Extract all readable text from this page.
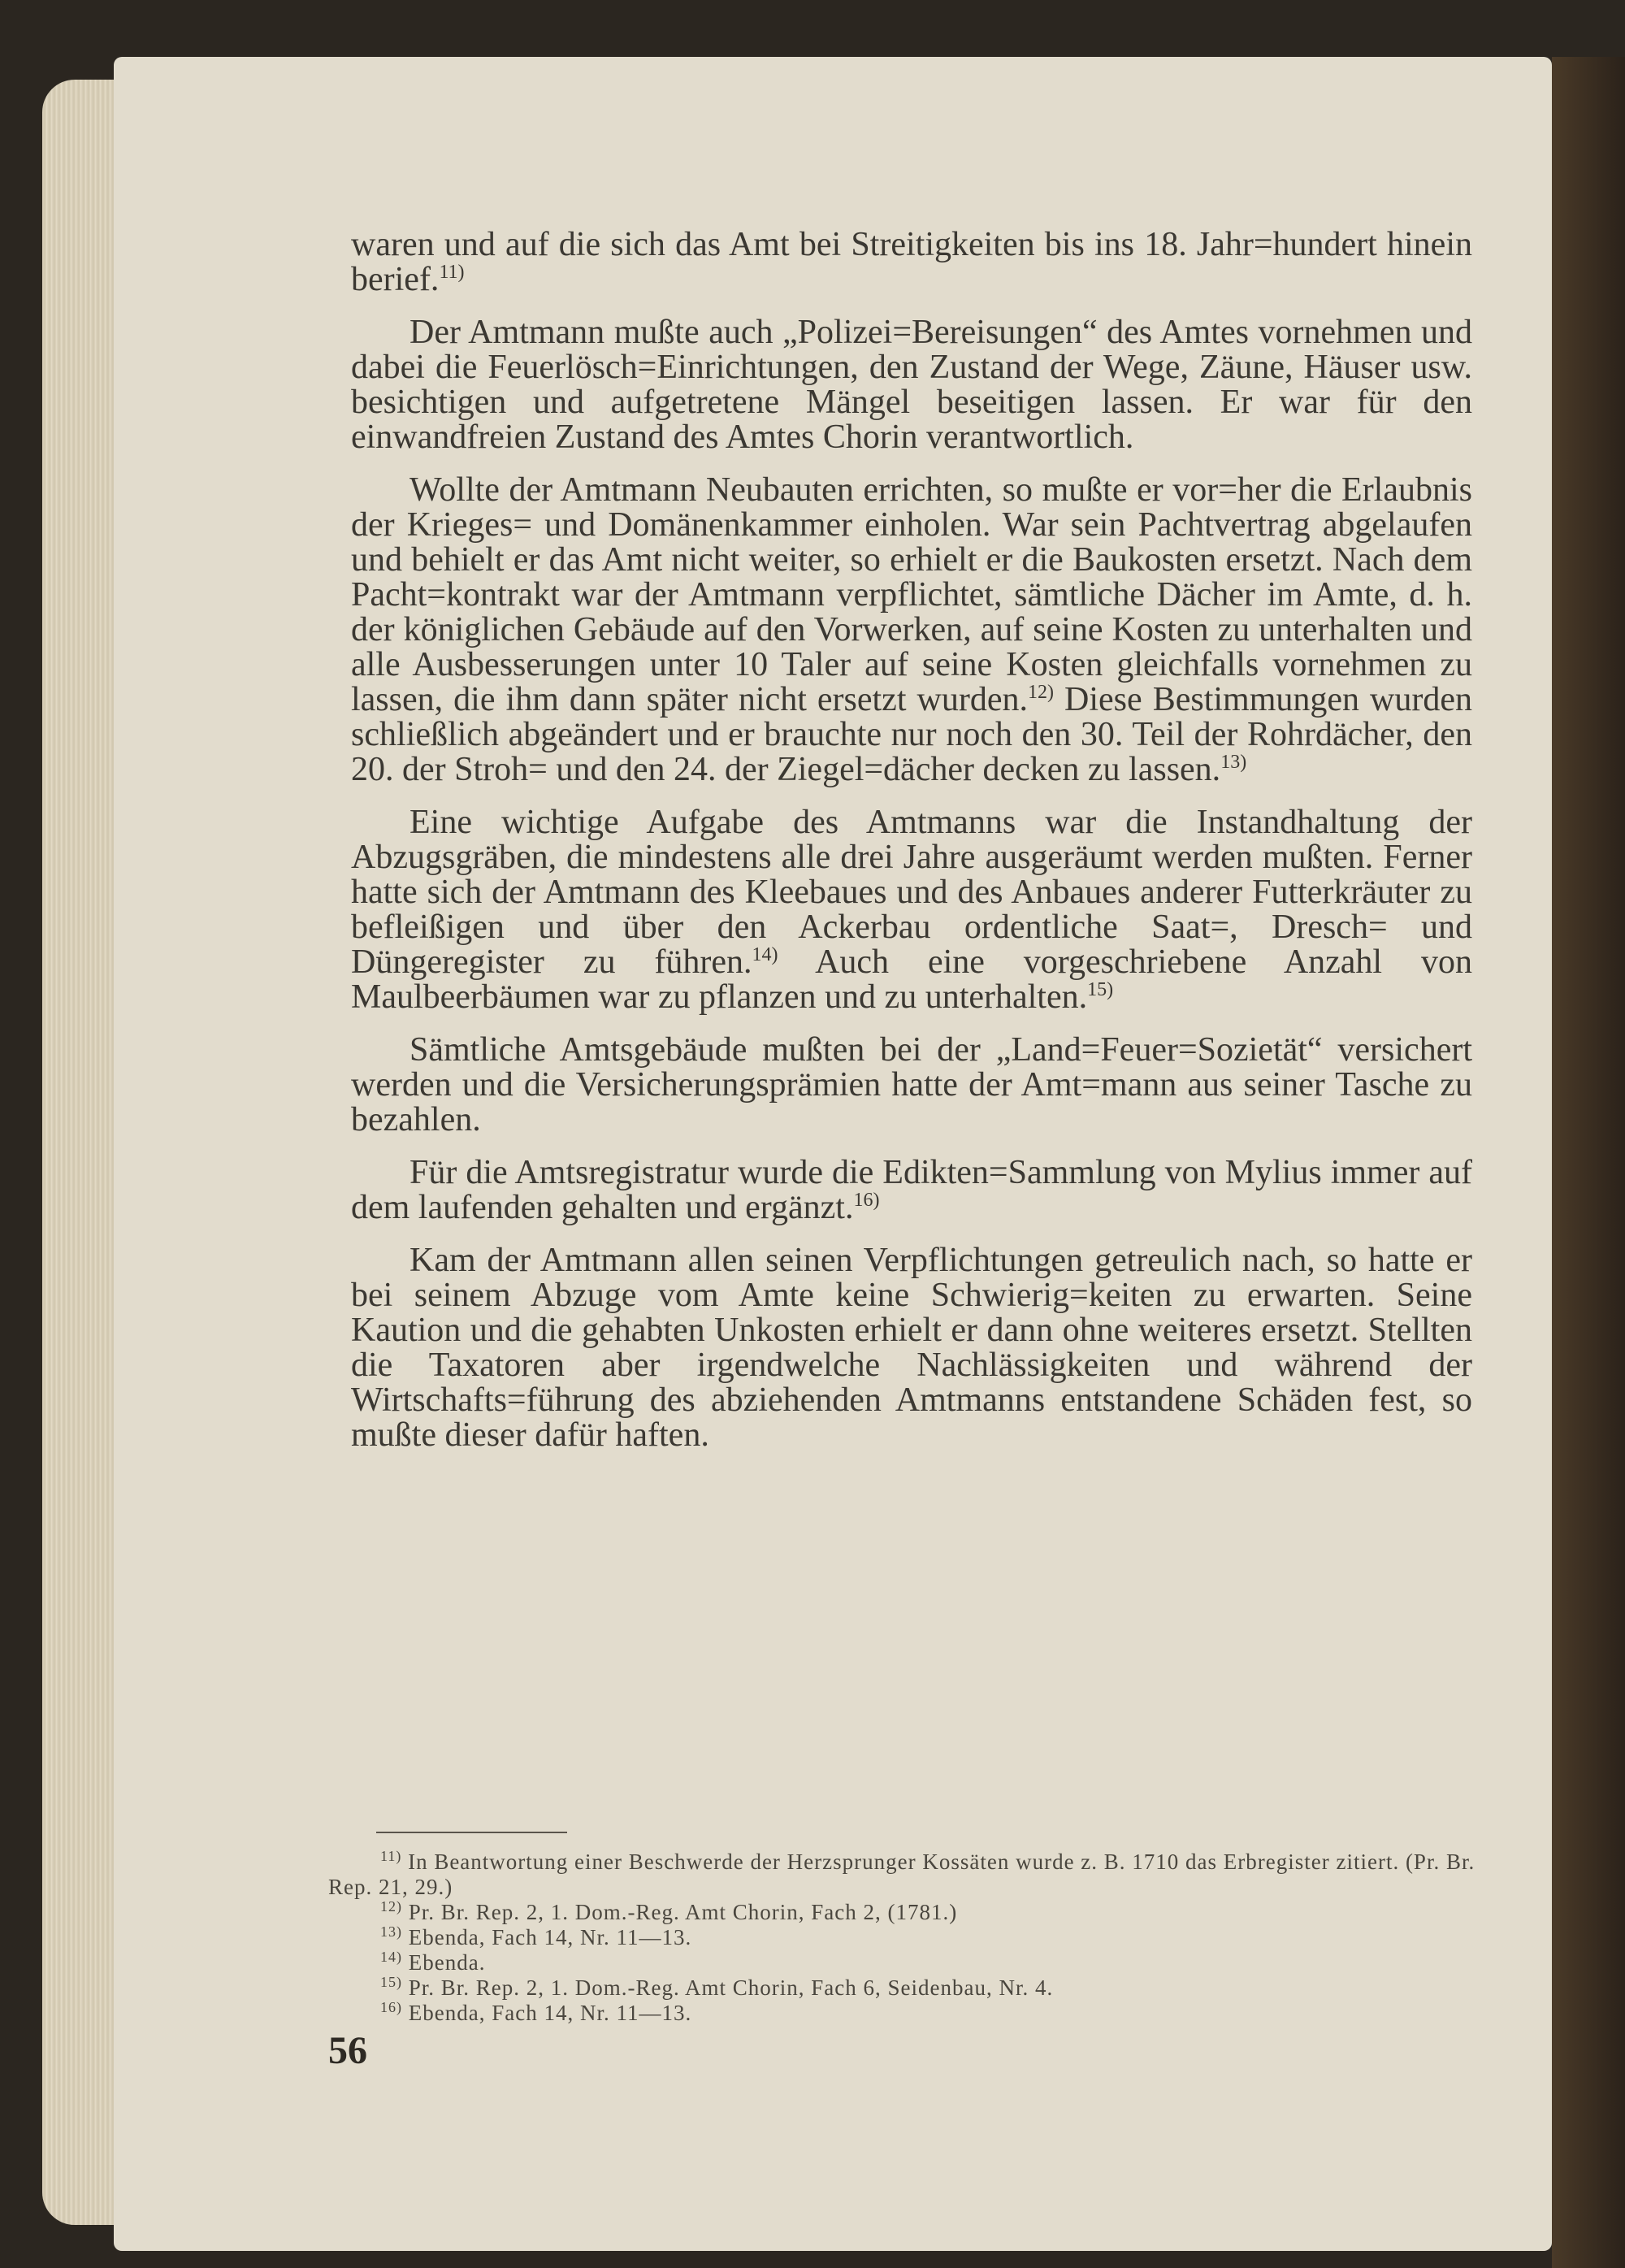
waren und auf die sich das Amt bei Streitigkeiten bis ins 18. Jahr=hundert hinein berief.$^{11)}$

Der Amtmann mußte auch „Polizei=Bereisungen“ des Amtes vornehmen und dabei die Feuerlösch=Einrichtungen, den Zustand der Wege, Zäune, Häuser usw. besichtigen und aufgetretene Mängel beseitigen lassen. Er war für den einwandfreien Zustand des Amtes Chorin verantwortlich.

Wollte der Amtmann Neubauten errichten, so mußte er vor=her die Erlaubnis der Krieges= und Domänenkammer einholen. War sein Pachtvertrag abgelaufen und behielt er das Amt nicht weiter, so erhielt er die Baukosten ersetzt. Nach dem Pacht=kontrakt war der Amtmann verpflichtet, sämtliche Dächer im Amte, d. h. der königlichen Gebäude auf den Vorwerken, auf seine Kosten zu unterhalten und alle Ausbesserungen unter 10 Taler auf seine Kosten gleichfalls vornehmen zu lassen, die ihm dann später nicht ersetzt wurden.$^{12)}$ Diese Bestimmungen wurden schließlich abgeändert und er brauchte nur noch den 30. Teil der Rohrdächer, den 20. der Stroh= und den 24. der Ziegel=dächer decken zu lassen.$^{13)}$

Eine wichtige Aufgabe des Amtmanns war die Instandhaltung der Abzugsgräben, die mindestens alle drei Jahre ausgeräumt werden mußten. Ferner hatte sich der Amtmann des Kleebaues und des Anbaues anderer Futterkräuter zu befleißigen und über den Ackerbau ordentliche Saat=, Dresch= und Düngeregister zu führen.$^{14)}$ Auch eine vorgeschriebene Anzahl von Maulbeerbäumen war zu pflanzen und zu unterhalten.$^{15)}$

Sämtliche Amtsgebäude mußten bei der „Land=Feuer=Sozietät“ versichert werden und die Versicherungsprämien hatte der Amt=mann aus seiner Tasche zu bezahlen.

Für die Amtsregistratur wurde die Edikten=Sammlung von Mylius immer auf dem laufenden gehalten und ergänzt.$^{16)}$

Kam der Amtmann allen seinen Verpflichtungen getreulich nach, so hatte er bei seinem Abzuge vom Amte keine Schwierig=keiten zu erwarten. Seine Kaution und die gehabten Unkosten erhielt er dann ohne weiteres ersetzt. Stellten die Taxatoren aber irgendwelche Nachlässigkeiten und während der Wirtschafts=führung des abziehenden Amtmanns entstandene Schäden fest, so mußte dieser dafür haften.

$^{11)}$ In Beantwortung einer Beschwerde der Herzsprunger Kossäten wurde z. B. 1710 das Erbregister zitiert. (Pr. Br. Rep. 21, 29.)

$^{12)}$ Pr. Br. Rep. 2, 1. Dom.-Reg. Amt Chorin, Fach 2, (1781.)

$^{13)}$ Ebenda, Fach 14, Nr. 11—13.

$^{14)}$ Ebenda.

$^{15)}$ Pr. Br. Rep. 2, 1. Dom.-Reg. Amt Chorin, Fach 6, Seidenbau, Nr. 4.

$^{16)}$ Ebenda, Fach 14, Nr. 11—13.

56
